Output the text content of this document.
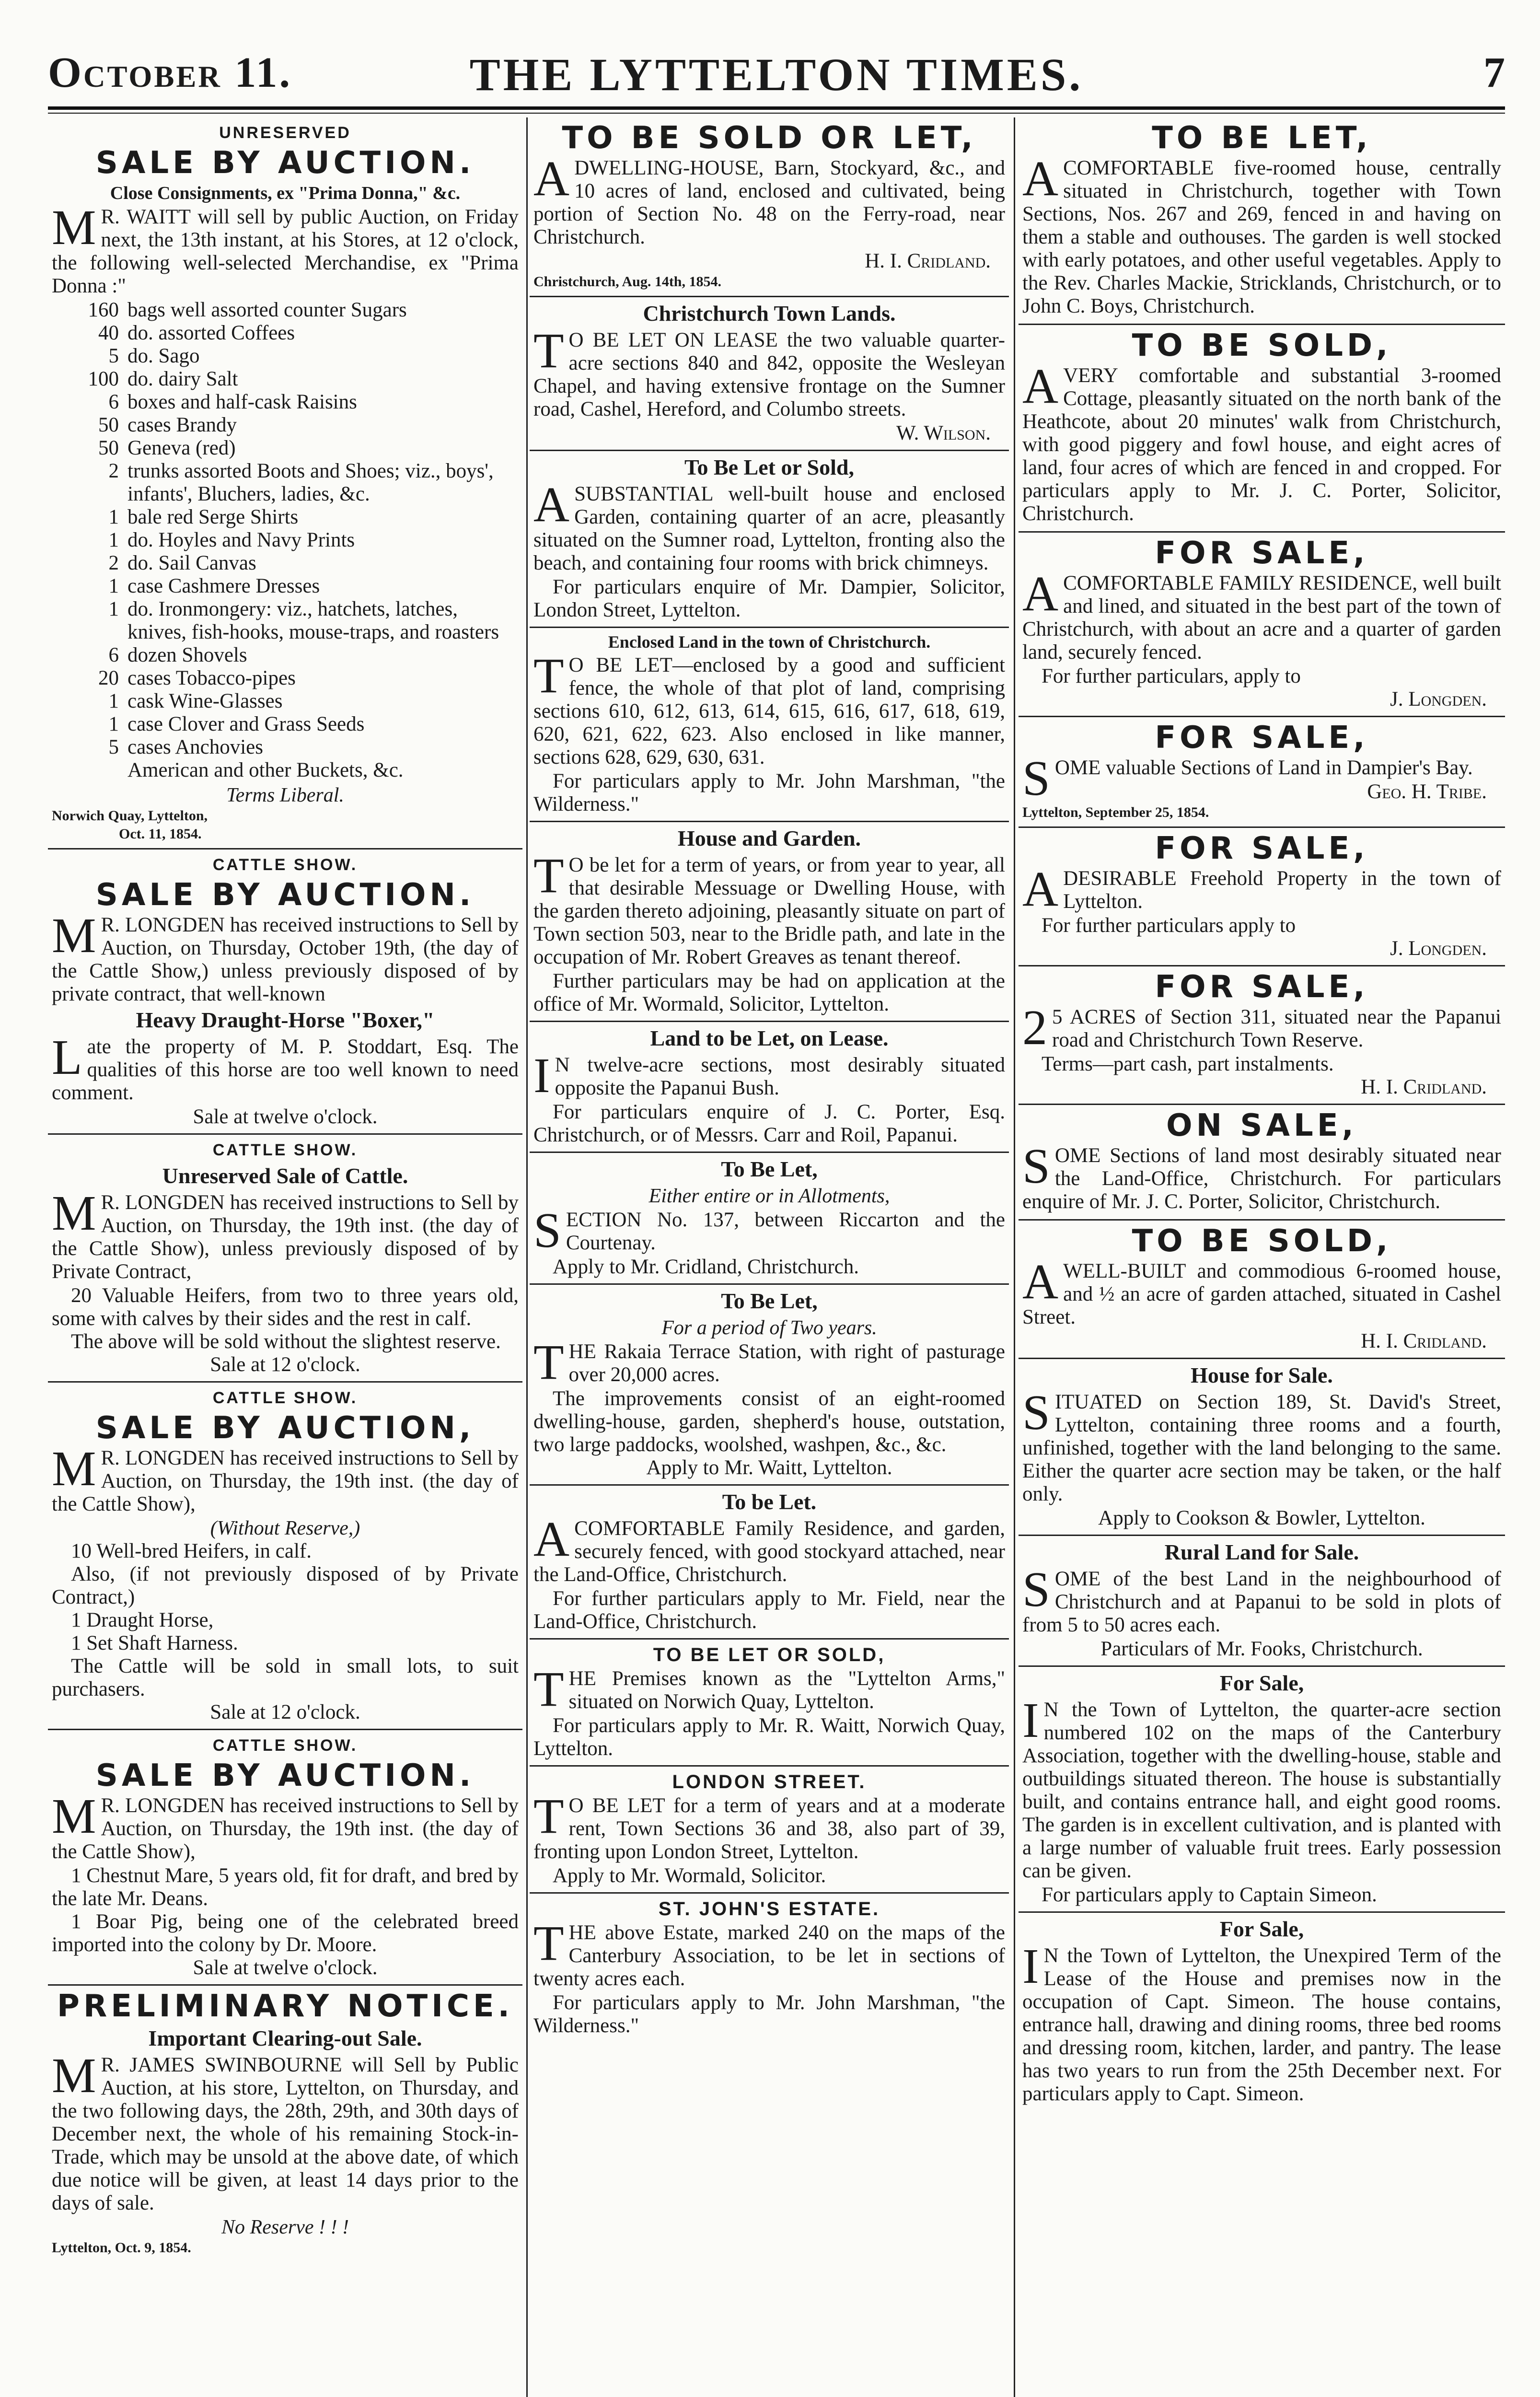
THE LYTTELTON TIMES.
October 11.	7

UNRESERVED

SALE BY AUCTION.

Close Consignments, ex "Prima Donna," &c.

MR. WAITT will sell by public Auction, on Friday next, the 13th instant, at his Stores, at 12 o'clock, the following well-selected Merchandise, ex "Prima Donna :"

160 bags well assorted counter Sugars
40 do. assorted Coffees
5 do. Sago
100 do. dairy Salt
6 boxes and half-cask Raisins
50 cases Brandy
50 Geneva (red)
2 trunks assorted Boots and Shoes; viz., boys', infants', Bluchers, ladies, &c.
1 bale red Serge Shirts
1 do. Hoyles and Navy Prints
2 do. Sail Canvas
1 case Cashmere Dresses
1 do. Ironmongery: viz., hatchets, latches, knives, fish-hooks, mouse-traps, and roasters
6 dozen Shovels
20 cases Tobacco-pipes
1 cask Wine-Glasses
1 case Clover and Grass Seeds
5 cases Anchovies
American and other Buckets, &c.

Terms Liberal.

Norwich Quay, Lyttelton,

Oct. 11, 1854.

CATTLE SHOW.

SALE BY AUCTION.

MR. LONGDEN has received instructions to Sell by Auction, on Thursday, October 19th, (the day of the Cattle Show,) unless previously disposed of by private contract, that well-known

Heavy Draught-Horse "Boxer,"

Late the property of M. P. Stoddart, Esq. The qualities of this horse are too well known to need comment.

Sale at twelve o'clock.

CATTLE SHOW.

Unreserved Sale of Cattle.

MR. LONGDEN has received instructions to Sell by Auction, on Thursday, the 19th inst. (the day of the Cattle Show), unless previously disposed of by Private Contract,

20 Valuable Heifers, from two to three years old, some with calves by their sides and the rest in calf.

The above will be sold without the slightest reserve.

Sale at 12 o'clock.

CATTLE SHOW.

SALE BY AUCTION,

MR. LONGDEN has received instructions to Sell by Auction, on Thursday, the 19th inst. (the day of the Cattle Show),

(Without Reserve,)

10 Well-bred Heifers, in calf.

Also, (if not previously disposed of by Private Contract,)

1 Draught Horse,

1 Set Shaft Harness.

The Cattle will be sold in small lots, to suit purchasers.

Sale at 12 o'clock.

CATTLE SHOW.

SALE BY AUCTION.

MR. LONGDEN has received instructions to Sell by Auction, on Thursday, the 19th inst. (the day of the Cattle Show),

1 Chestnut Mare, 5 years old, fit for draft, and bred by the late Mr. Deans.

1 Boar Pig, being one of the celebrated breed imported into the colony by Dr. Moore.

Sale at twelve o'clock.

PRELIMINARY NOTICE.

Important Clearing-out Sale.

MR. JAMES SWINBOURNE will Sell by Public Auction, at his store, Lyttelton, on Thursday, and the two following days, the 28th, 29th, and 30th days of December next, the whole of his remaining Stock-in-Trade, which may be unsold at the above date, of which due notice will be given, at least 14 days prior to the days of sale.

No Reserve ! ! !

Lyttelton, Oct. 9, 1854.

TO BE SOLD OR LET,

ADWELLING-HOUSE, Barn, Stockyard, &c., and 10 acres of land, enclosed and cultivated, being portion of Section No. 48 on the Ferry-road, near Christchurch.

H. I. Cridland.

Christchurch, Aug. 14th, 1854.

Christchurch Town Lands.

TO BE LET ON LEASE the two valuable quarter-acre sections 840 and 842, opposite the Wesleyan Chapel, and having extensive frontage on the Sumner road, Cashel, Hereford, and Columbo streets.

W. Wilson.

To Be Let or Sold,

ASUBSTANTIAL well-built house and enclosed Garden, containing quarter of an acre, pleasantly situated on the Sumner road, Lyttelton, fronting also the beach, and containing four rooms with brick chimneys.

For particulars enquire of Mr. Dampier, Solicitor, London Street, Lyttelton.

Enclosed Land in the town of Christchurch.

TO BE LET—enclosed by a good and sufficient fence, the whole of that plot of land, comprising sections 610, 612, 613, 614, 615, 616, 617, 618, 619, 620, 621, 622, 623. Also enclosed in like manner, sections 628, 629, 630, 631.

For particulars apply to Mr. John Marshman, "the Wilderness."

House and Garden.

TO be let for a term of years, or from year to year, all that desirable Messuage or Dwelling House, with the garden thereto adjoining, pleasantly situate on part of Town section 503, near to the Bridle path, and late in the occupation of Mr. Robert Greaves as tenant thereof.

Further particulars may be had on application at the office of Mr. Wormald, Solicitor, Lyttelton.

Land to be Let, on Lease.

IN twelve-acre sections, most desirably situated opposite the Papanui Bush.

For particulars enquire of J. C. Porter, Esq. Christchurch, or of Messrs. Carr and Roil, Papanui.

To Be Let,

Either entire or in Allotments,

SECTION No. 137, between Riccarton and the Courtenay.

Apply to Mr. Cridland, Christchurch.

To Be Let,

For a period of Two years.

THE Rakaia Terrace Station, with right of pasturage over 20,000 acres.

The improvements consist of an eight-roomed dwelling-house, garden, shepherd's house, outstation, two large paddocks, woolshed, washpen, &c., &c.

Apply to Mr. Waitt, Lyttelton.

To be Let.

ACOMFORTABLE Family Residence, and garden, securely fenced, with good stockyard attached, near the Land-Office, Christchurch.

For further particulars apply to Mr. Field, near the Land-Office, Christchurch.

TO BE LET OR SOLD,

THE Premises known as the "Lyttelton Arms," situated on Norwich Quay, Lyttelton.

For particulars apply to Mr. R. Waitt, Norwich Quay, Lyttelton.

LONDON STREET.

TO BE LET for a term of years and at a moderate rent, Town Sections 36 and 38, also part of 39, fronting upon London Street, Lyttelton.

Apply to Mr. Wormald, Solicitor.

ST. JOHN'S ESTATE.

THE above Estate, marked 240 on the maps of the Canterbury Association, to be let in sections of twenty acres each.

For particulars apply to Mr. John Marshman, "the Wilderness."

TO BE LET,

ACOMFORTABLE five-roomed house, centrally situated in Christchurch, together with Town Sections, Nos. 267 and 269, fenced in and having on them a stable and outhouses. The garden is well stocked with early potatoes, and other useful vegetables. Apply to the Rev. Charles Mackie, Stricklands, Christchurch, or to John C. Boys, Christchurch.

TO BE SOLD,

AVERY comfortable and substantial 3-roomed Cottage, pleasantly situated on the north bank of the Heathcote, about 20 minutes' walk from Christchurch, with good piggery and fowl house, and eight acres of land, four acres of which are fenced in and cropped. For particulars apply to Mr. J. C. Porter, Solicitor, Christchurch.

FOR SALE,

ACOMFORTABLE FAMILY RESIDENCE, well built and lined, and situated in the best part of the town of Christchurch, with about an acre and a quarter of garden land, securely fenced.

For further particulars, apply to

J. Longden.

FOR SALE,

SOME valuable Sections of Land in Dampier's Bay.

Geo. H. Tribe.

Lyttelton, September 25, 1854.

FOR SALE,

ADESIRABLE Freehold Property in the town of Lyttelton.

For further particulars apply to

J. Longden.

FOR SALE,

25 ACRES of Section 311, situated near the Papanui road and Christchurch Town Reserve.

Terms—part cash, part instalments.

H. I. Cridland.

ON SALE,

SOME Sections of land most desirably situated near the Land-Office, Christchurch. For particulars enquire of Mr. J. C. Porter, Solicitor, Christchurch.

TO BE SOLD,

AWELL-BUILT and commodious 6-roomed house, and ½ an acre of garden attached, situated in Cashel Street.

H. I. Cridland.

House for Sale.

SITUATED on Section 189, St. David's Street, Lyttelton, containing three rooms and a fourth, unfinished, together with the land belonging to the same. Either the quarter acre section may be taken, or the half only.

Apply to Cookson & Bowler, Lyttelton.

Rural Land for Sale.

SOME of the best Land in the neighbourhood of Christchurch and at Papanui to be sold in plots of from 5 to 50 acres each.

Particulars of Mr. Fooks, Christchurch.

For Sale,

IN the Town of Lyttelton, the quarter-acre section numbered 102 on the maps of the Canterbury Association, together with the dwelling-house, stable and outbuildings situated thereon. The house is substantially built, and contains entrance hall, and eight good rooms. The garden is in excellent cultivation, and is planted with a large number of valuable fruit trees. Early possession can be given.

For particulars apply to Captain Simeon.

For Sale,

IN the Town of Lyttelton, the Unexpired Term of the Lease of the House and premises now in the occupation of Capt. Simeon. The house contains, entrance hall, drawing and dining rooms, three bed rooms and dressing room, kitchen, larder, and pantry. The lease has two years to run from the 25th December next. For particulars apply to Capt. Simeon.
